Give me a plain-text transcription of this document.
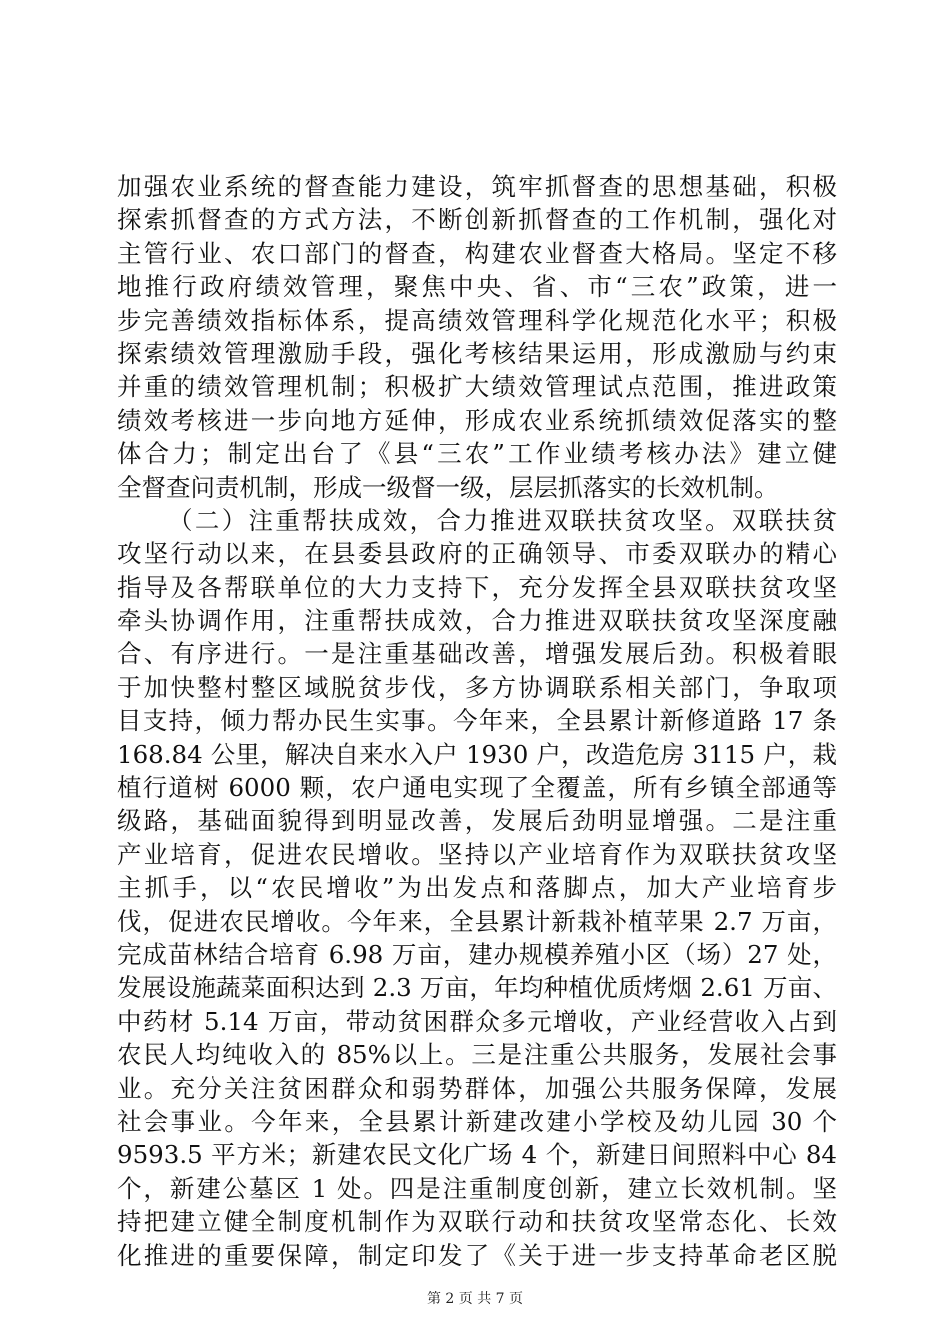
加强农业系统的督查能力建设，筑牢抓督查的思想基础，积极
探索抓督查的方式方法，不断创新抓督查的工作机制，强化对
主管行业、农口部门的督查，构建农业督查大格局。坚定不移
地推行政府绩效管理，聚焦中央、省、市“三农”政策，进一
步完善绩效指标体系，提高绩效管理科学化规范化水平；积极
探索绩效管理激励手段，强化考核结果运用，形成激励与约束
并重的绩效管理机制；积极扩大绩效管理试点范围，推进政策
绩效考核进一步向地方延伸，形成农业系统抓绩效促落实的整
体合力；制定出台了《县“三农”工作业绩考核办法》建立健
全督查问责机制，形成一级督一级，层层抓落实的长效机制。
（二）注重帮扶成效，合力推进双联扶贫攻坚。双联扶贫
攻坚行动以来，在县委县政府的正确领导、市委双联办的精心
指导及各帮联单位的大力支持下，充分发挥全县双联扶贫攻坚
牵头协调作用，注重帮扶成效，合力推进双联扶贫攻坚深度融
合、有序进行。一是注重基础改善，增强发展后劲。积极着眼
于加快整村整区域脱贫步伐，多方协调联系相关部门，争取项
目支持，倾力帮办民生实事。今年来，全县累计新修道路 17 条
168.84 公里，解决自来水入户 1930 户，改造危房 3115 户，栽
植行道树 6000 颗，农户通电实现了全覆盖，所有乡镇全部通等
级路，基础面貌得到明显改善，发展后劲明显增强。二是注重
产业培育，促进农民增收。坚持以产业培育作为双联扶贫攻坚
主抓手，以“农民增收”为出发点和落脚点，加大产业培育步
伐，促进农民增收。今年来，全县累计新栽补植苹果 2.7 万亩，
完成苗林结合培育 6.98 万亩，建办规模养殖小区（场）27 处，
发展设施蔬菜面积达到 2.3 万亩，年均种植优质烤烟 2.61 万亩、
中药材 5.14 万亩，带动贫困群众多元增收，产业经营收入占到
农民人均纯收入的 85%以上。三是注重公共服务，发展社会事
业。充分关注贫困群众和弱势群体，加强公共服务保障，发展
社会事业。今年来，全县累计新建改建小学校及幼儿园 30 个
9593.5 平方米；新建农民文化广场 4 个，新建日间照料中心 84
个，新建公墓区 1 处。四是注重制度创新，建立长效机制。坚
持把建立健全制度机制作为双联行动和扶贫攻坚常态化、长效
化推进的重要保障，制定印发了《关于进一步支持革命老区脱
第 2 页 共 7 页
